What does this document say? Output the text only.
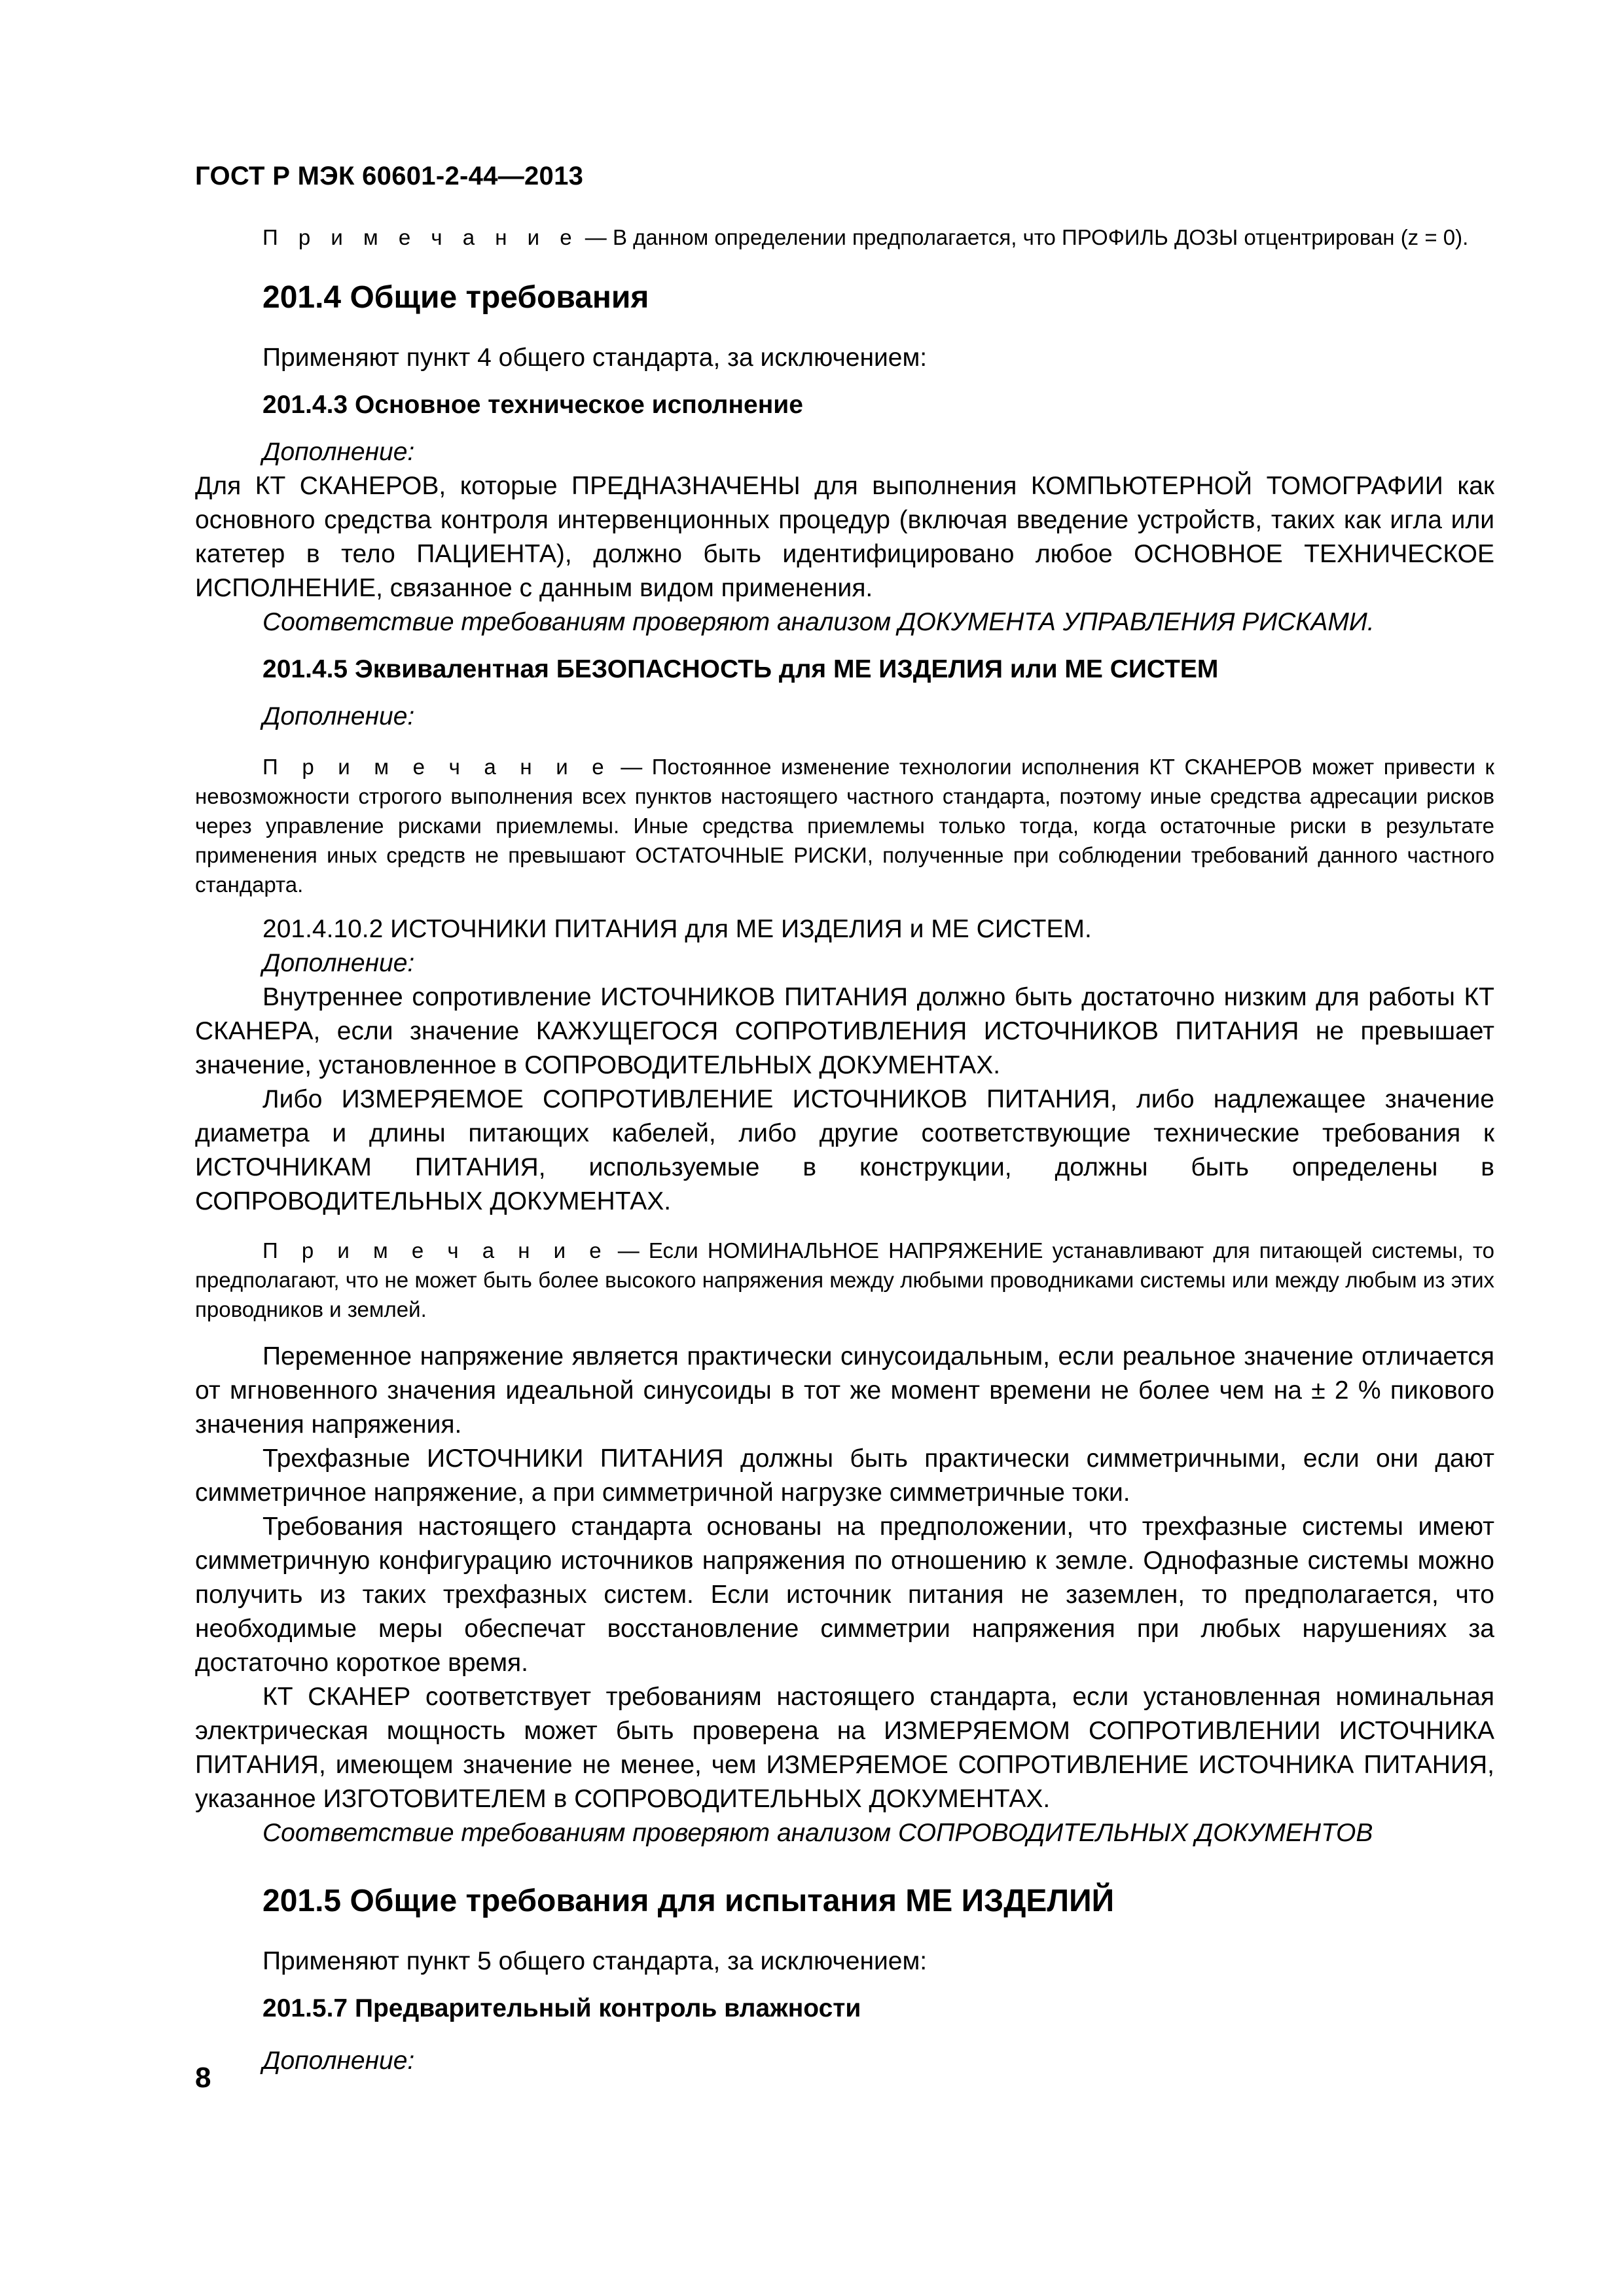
ГОСТ Р МЭК 60601-2-44—2013

П р и м е ч а н и е — В данном определении предполагается, что ПРОФИЛЬ ДОЗЫ отцентрирован (z = 0).

201.4 Общие требования
Применяют пункт 4 общего стандарта, за исключением:
201.4.3 Основное техническое исполнение
Дополнение:

Для КТ СКАНЕРОВ, которые ПРЕДНАЗНАЧЕНЫ для выполнения КОМПЬЮТЕРНОЙ ТОМОГРАФИИ как основного средства контроля интервенционных процедур (включая введение устройств, таких как игла или катетер в тело ПАЦИЕНТА), должно быть идентифицировано любое ОСНОВНОЕ ТЕХНИЧЕСКОЕ ИСПОЛНЕНИЕ, связанное с данным видом применения.

Соответствие требованиям проверяют анализом ДОКУМЕНТА УПРАВЛЕНИЯ РИСКАМИ.

201.4.5 Эквивалентная БЕЗОПАСНОСТЬ для МЕ ИЗДЕЛИЯ или МЕ СИСТЕМ
Дополнение:

П р и м е ч а н и е — Постоянное изменение технологии исполнения КТ СКАНЕРОВ может привести к невозможности строгого выполнения всех пунктов настоящего частного стандарта, поэтому иные средства адресации рисков через управление рисками приемлемы. Иные средства приемлемы только тогда, когда остаточные риски в результате применения иных средств не превышают ОСТАТОЧНЫЕ РИСКИ, полученные при соблюдении требований данного частного стандарта.

201.4.10.2 ИСТОЧНИКИ ПИТАНИЯ для МЕ ИЗДЕЛИЯ и МЕ СИСТЕМ.
Дополнение:

Внутреннее сопротивление ИСТОЧНИКОВ ПИТАНИЯ должно быть достаточно низким для работы КТ СКАНЕРА, если значение КАЖУЩЕГОСЯ СОПРОТИВЛЕНИЯ ИСТОЧНИКОВ ПИТАНИЯ не превышает значение, установленное в СОПРОВОДИТЕЛЬНЫХ ДОКУМЕНТАХ.

Либо ИЗМЕРЯЕМОЕ СОПРОТИВЛЕНИЕ ИСТОЧНИКОВ ПИТАНИЯ, либо надлежащее значение диаметра и длины питающих кабелей, либо другие соответствующие технические требования к ИСТОЧНИКАМ ПИТАНИЯ, используемые в конструкции, должны быть определены в СОПРОВОДИТЕЛЬНЫХ ДОКУМЕНТАХ.

П р и м е ч а н и е — Если НОМИНАЛЬНОЕ НАПРЯЖЕНИЕ устанавливают для питающей системы, то предполагают, что не может быть более высокого напряжения между любыми проводниками системы или между любым из этих проводников и землей.

Переменное напряжение является практически синусоидальным, если реальное значение отличается от мгновенного значения идеальной синусоиды в тот же момент времени не более чем на ± 2 % пикового значения напряжения.

Трехфазные ИСТОЧНИКИ ПИТАНИЯ должны быть практически симметричными, если они дают симметричное напряжение, а при симметричной нагрузке симметричные токи.

Требования настоящего стандарта основаны на предположении, что трехфазные системы имеют симметричную конфигурацию источников напряжения по отношению к земле. Однофазные системы можно получить из таких трехфазных систем. Если источник питания не заземлен, то предполагается, что необходимые меры обеспечат восстановление симметрии напряжения при любых нарушениях за достаточно короткое время.

КТ СКАНЕР соответствует требованиям настоящего стандарта, если установленная номинальная электрическая мощность может быть проверена на ИЗМЕРЯЕМОМ СОПРОТИВЛЕНИИ ИСТОЧНИКА ПИТАНИЯ, имеющем значение не менее, чем ИЗМЕРЯЕМОЕ СОПРОТИВЛЕНИЕ ИСТОЧНИКА ПИТАНИЯ, указанное ИЗГОТОВИТЕЛЕМ в СОПРОВОДИТЕЛЬНЫХ ДОКУМЕНТАХ.

Соответствие требованиям проверяют анализом СОПРОВОДИТЕЛЬНЫХ ДОКУМЕНТОВ

201.5 Общие требования для испытания МЕ ИЗДЕЛИЙ
Применяют пункт 5 общего стандарта, за исключением:
201.5.7 Предварительный контроль влажности
Дополнение:
8
